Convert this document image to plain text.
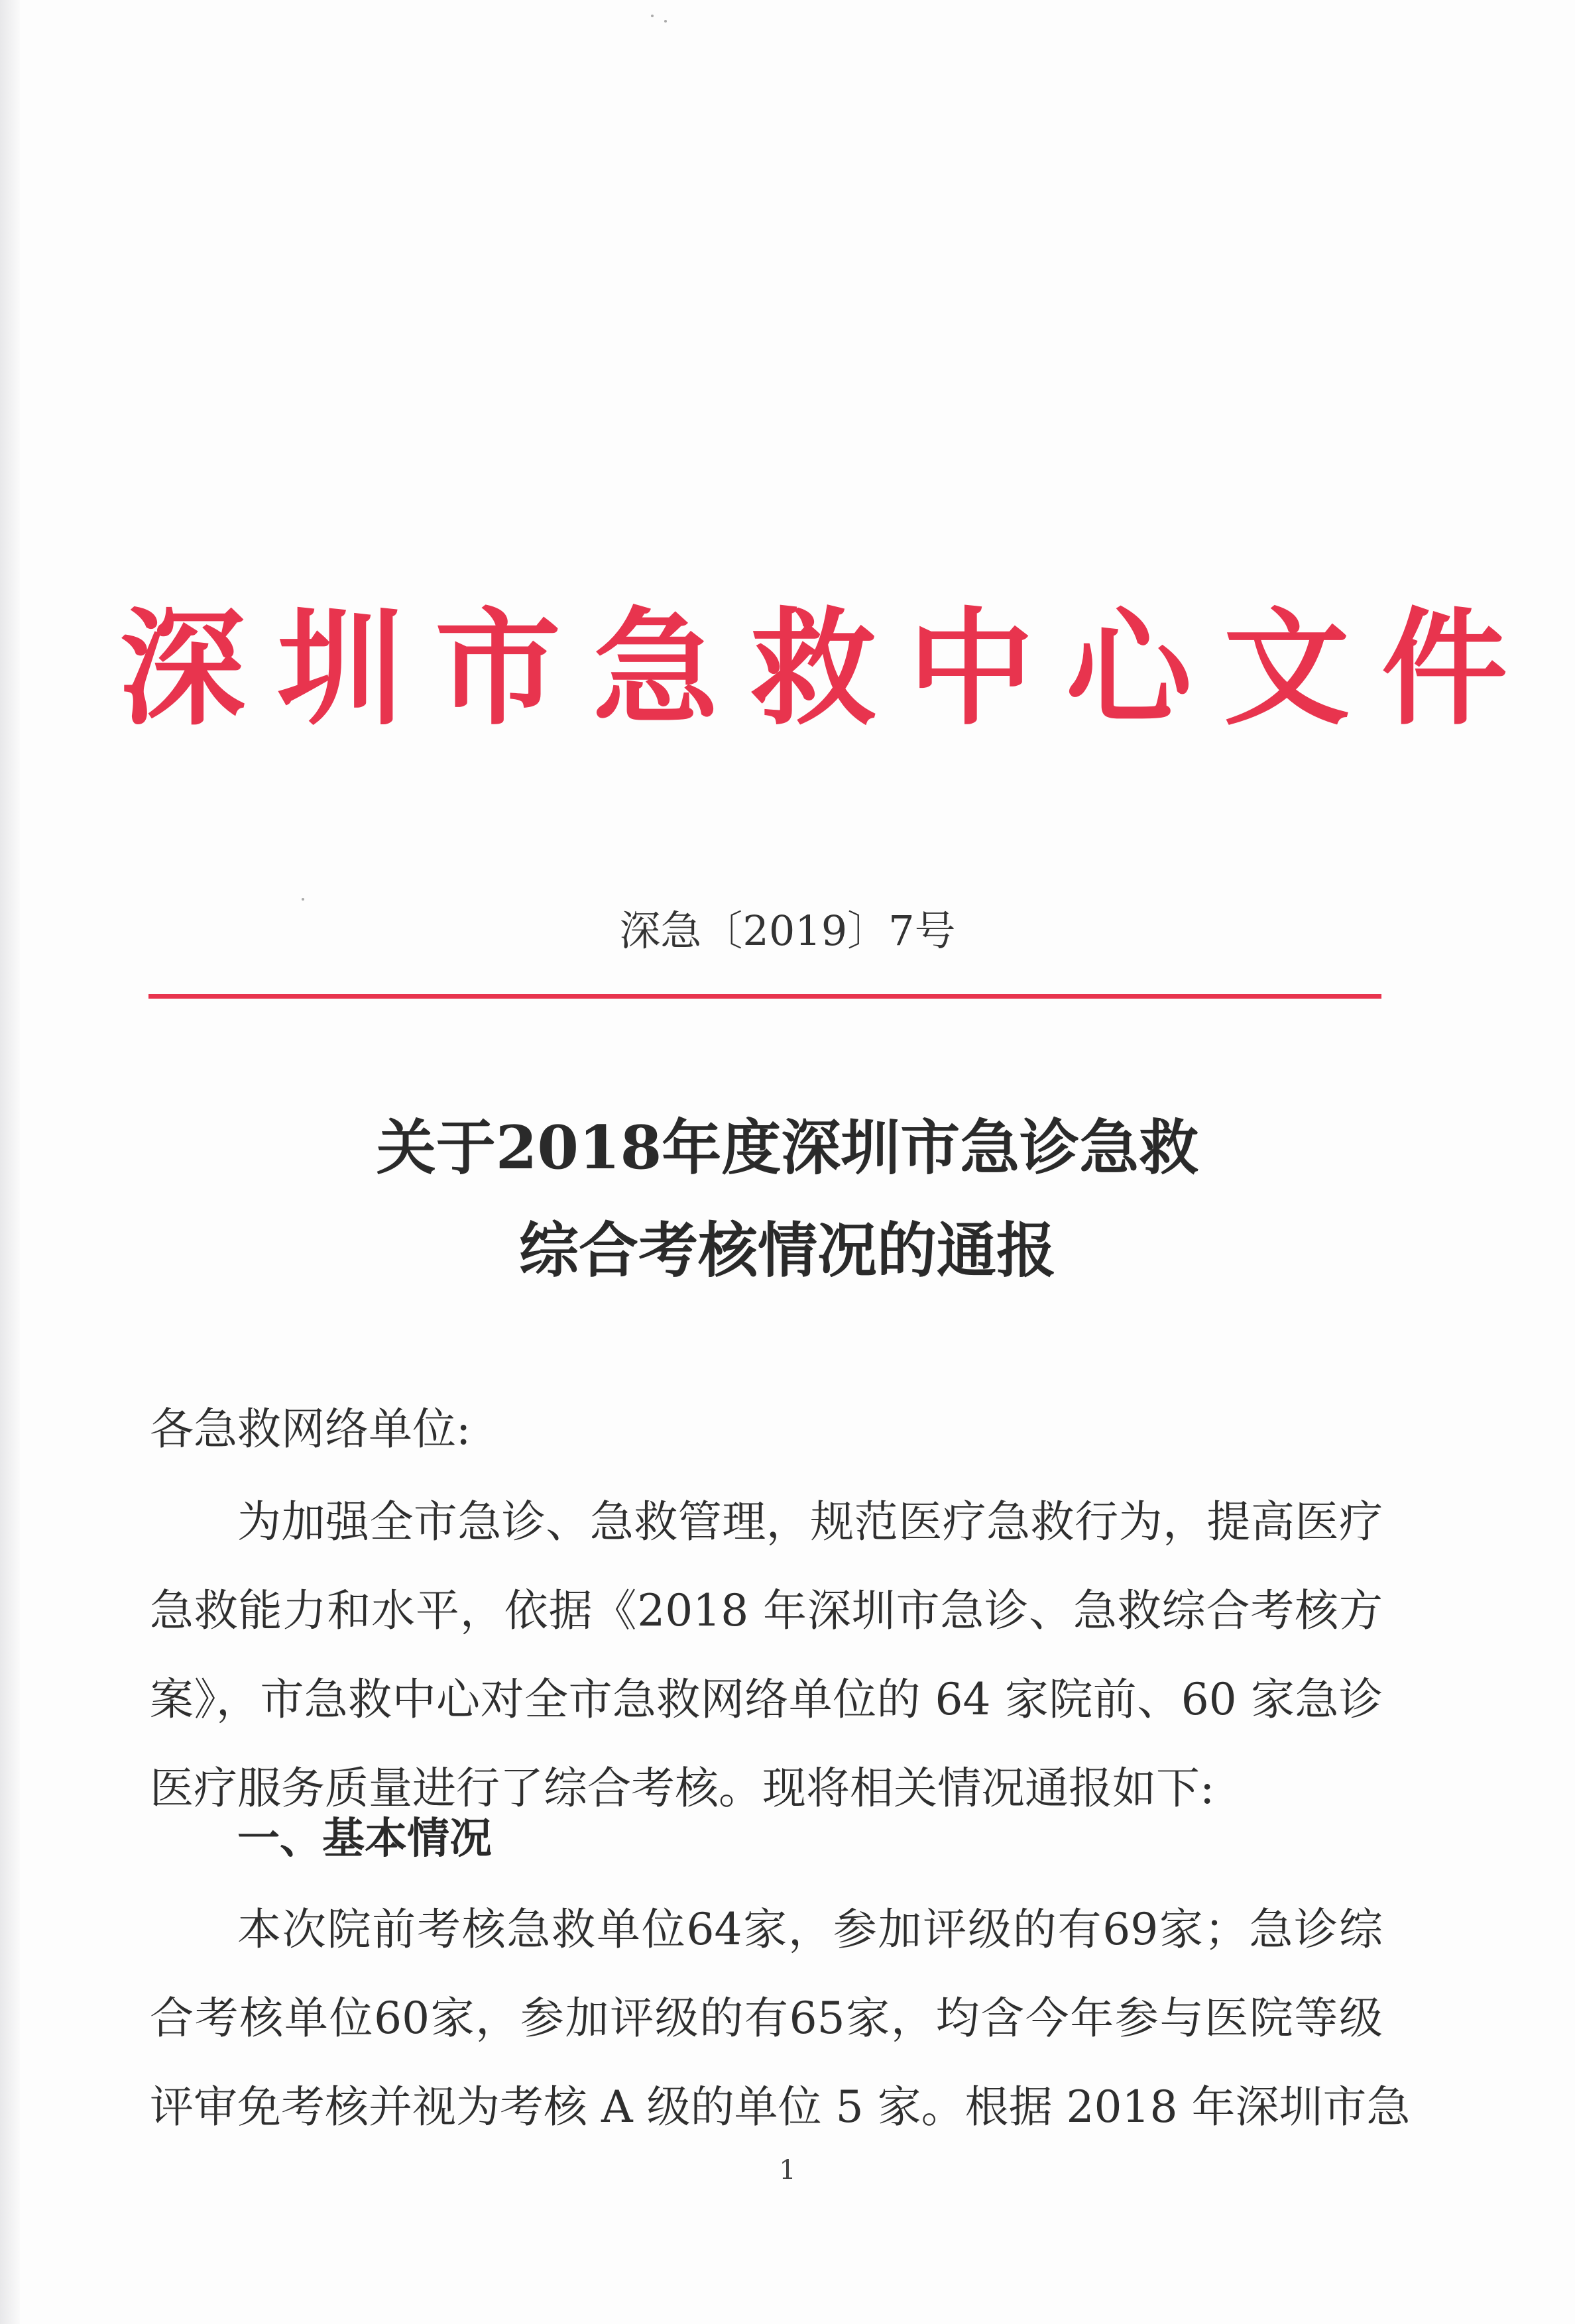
深圳市急救中心文件
深急〔2019〕7号
关于2018年度深圳市急诊急救
综合考核情况的通报
各急救网络单位:
为加强全市急诊、急救管理，规范医疗急救行为，提高医疗
急救能力和水平，依据《2018 年深圳市急诊、急救综合考核方
案》，市急救中心对全市急救网络单位的 64 家院前、60 家急诊
医疗服务质量进行了综合考核。现将相关情况通报如下:
一、基本情况
本次院前考核急救单位64家，参加评级的有69家；急诊综
合考核单位60家，参加评级的有65家，均含今年参与医院等级
评审免考核并视为考核 A 级的单位 5 家。根据 2018 年深圳市急
1
